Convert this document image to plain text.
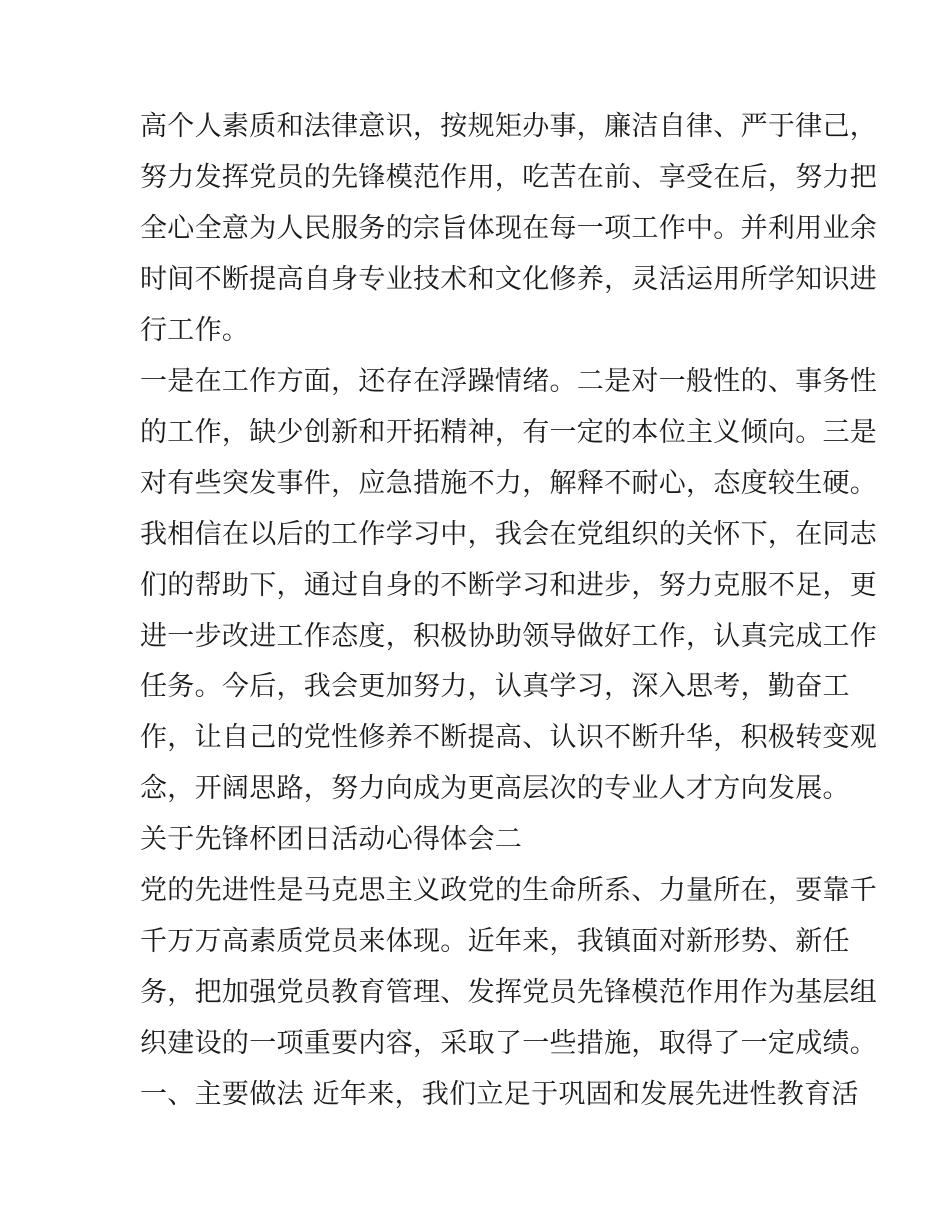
高个人素质和法律意识，按规矩办事，廉洁自律、严于律己，
努力发挥党员的先锋模范作用，吃苦在前、享受在后，努力把
全心全意为人民服务的宗旨体现在每一项工作中。并利用业余
时间不断提高自身专业技术和文化修养，灵活运用所学知识进
行工作。
一是在工作方面，还存在浮躁情绪。二是对一般性的、事务性
的工作，缺少创新和开拓精神，有一定的本位主义倾向。三是
对有些突发事件，应急措施不力，解释不耐心，态度较生硬。
我相信在以后的工作学习中，我会在党组织的关怀下，在同志
们的帮助下，通过自身的不断学习和进步，努力克服不足，更
进一步改进工作态度，积极协助领导做好工作，认真完成工作
任务。今后，我会更加努力，认真学习，深入思考，勤奋工
作，让自己的党性修养不断提高、认识不断升华，积极转变观
念，开阔思路，努力向成为更高层次的专业人才方向发展。
关于先锋杯团日活动心得体会二
党的先进性是马克思主义政党的生命所系、力量所在，要靠千
千万万高素质党员来体现。近年来，我镇面对新形势、新任
务，把加强党员教育管理、发挥党员先锋模范作用作为基层组
织建设的一项重要内容，采取了一些措施，取得了一定成绩。
一、主要做法 近年来，我们立足于巩固和发展先进性教育活
